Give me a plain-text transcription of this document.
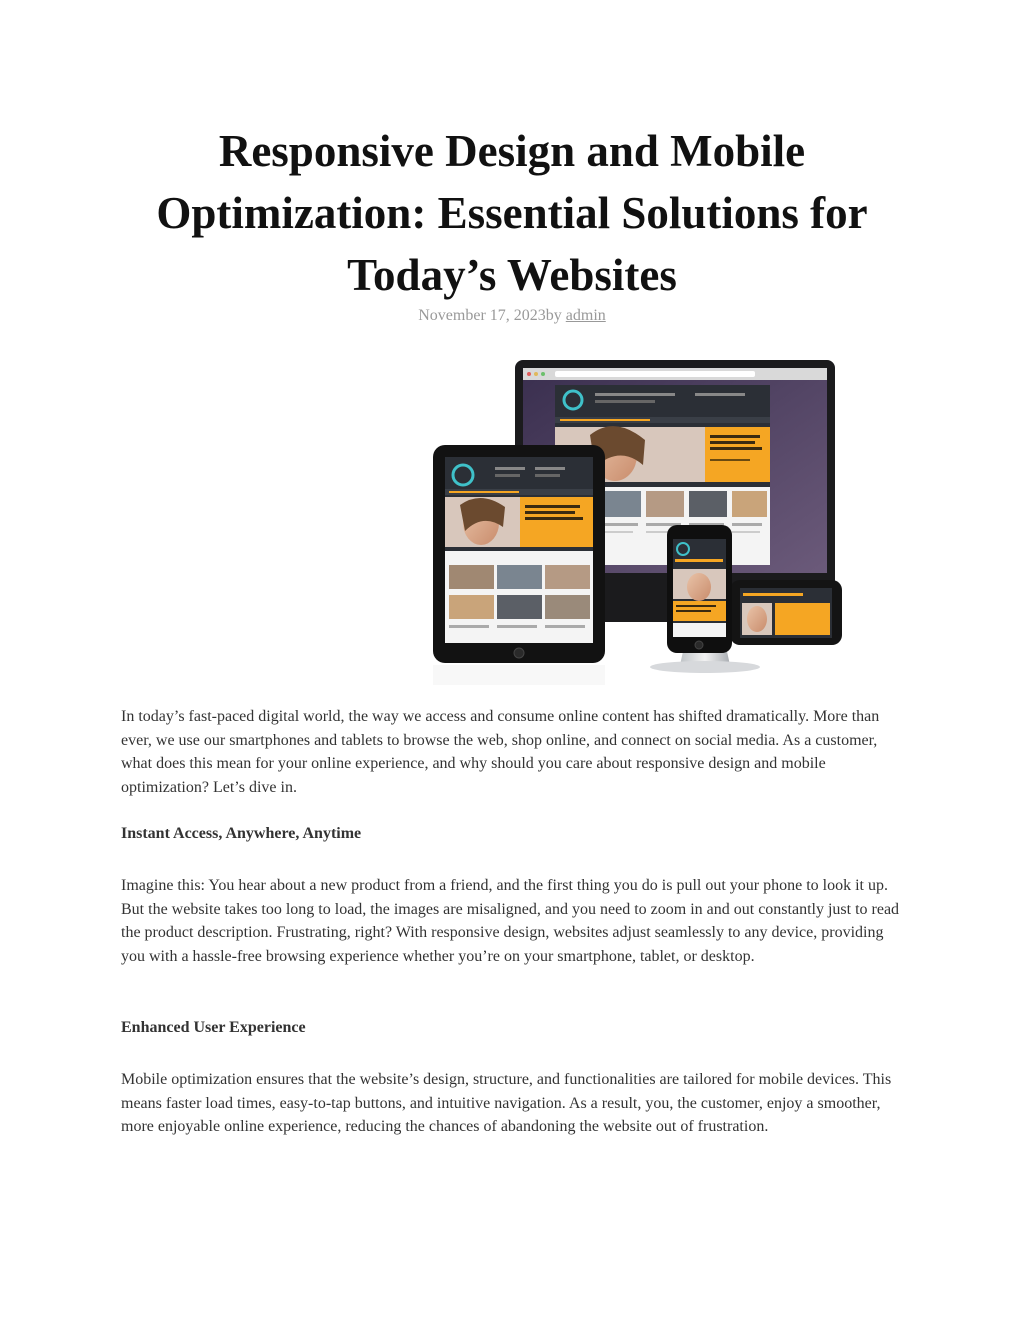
Responsive Design and Mobile Optimization: Essential Solutions for Today’s Websites
November 17, 2023by admin

In today’s fast-paced digital world, the way we access and consume online content has shifted dramatically. More than ever, we use our smartphones and tablets to browse the web, shop online, and connect on social media. As a customer, what does this mean for your online experience, and why should you care about responsive design and mobile optimization? Let’s dive in.

Instant Access, Anywhere, Anytime

Imagine this: You hear about a new product from a friend, and the first thing you do is pull out your phone to look it up. But the website takes too long to load, the images are misaligned, and you need to zoom in and out constantly just to read the product description. Frustrating, right? With responsive design, websites adjust seamlessly to any device, providing you with a hassle-free browsing experience whether you’re on your smartphone, tablet, or desktop.

Enhanced User Experience

Mobile optimization ensures that the website’s design, structure, and functionalities are tailored for mobile devices. This means faster load times, easy-to-tap buttons, and intuitive navigation. As a result, you, the customer, enjoy a smoother, more enjoyable online experience, reducing the chances of abandoning the website out of frustration.
